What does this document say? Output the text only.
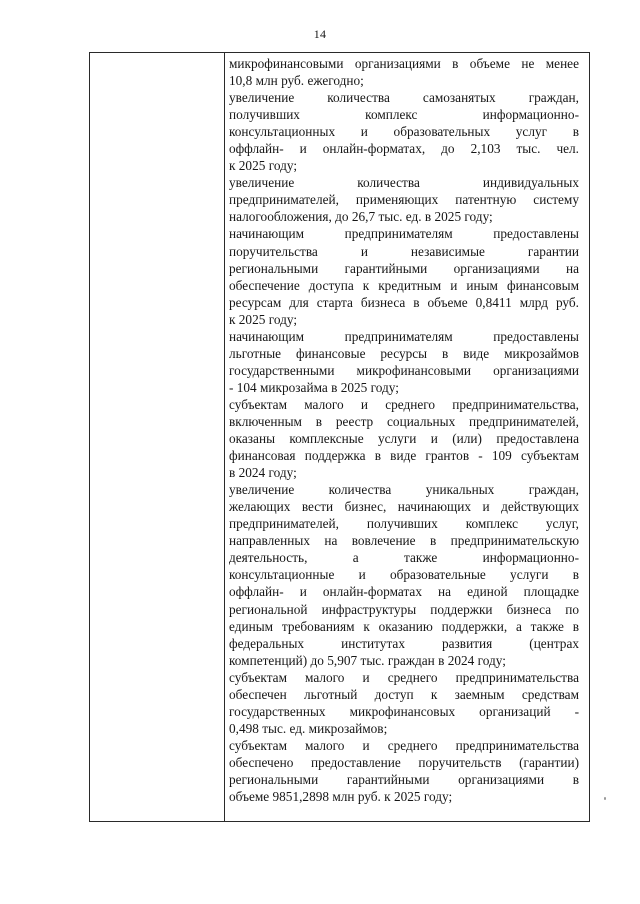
14
микрофинансовыми организациями в объеме не менее
10,8 млн руб. ежегодно;
увеличение количества самозанятых граждан,
получивших комплекс информационно-
консультационных и образовательных услуг в
оффлайн- и онлайн-форматах, до 2,103 тыс. чел.
к 2025 году;
увеличение количества индивидуальных
предпринимателей, применяющих патентную систему
налогообложения, до 26,7 тыс. ед. в 2025 году;
начинающим предпринимателям предоставлены
поручительства и независимые гарантии
региональными гарантийными организациями на
обеспечение доступа к кредитным и иным финансовым
ресурсам для старта бизнеса в объеме 0,8411 млрд руб.
к 2025 году;
начинающим предпринимателям предоставлены
льготные финансовые ресурсы в виде микрозаймов
государственными микрофинансовыми организациями
- 104 микрозайма в 2025 году;
субъектам малого и среднего предпринимательства,
включенным в реестр социальных предпринимателей,
оказаны комплексные услуги и (или) предоставлена
финансовая поддержка в виде грантов - 109 субъектам
в 2024 году;
увеличение количества уникальных граждан,
желающих вести бизнес, начинающих и действующих
предпринимателей, получивших комплекс услуг,
направленных на вовлечение в предпринимательскую
деятельность, а также информационно-
консультационные и образовательные услуги в
оффлайн- и онлайн-форматах на единой площадке
региональной инфраструктуры поддержки бизнеса по
единым требованиям к оказанию поддержки, а также в
федеральных институтах развития (центрах
компетенций) до 5,907 тыс. граждан в 2024 году;
субъектам малого и среднего предпринимательства
обеспечен льготный доступ к заемным средствам
государственных микрофинансовых организаций -
0,498 тыс. ед. микрозаймов;
субъектам малого и среднего предпринимательства
обеспечено предоставление поручительств (гарантии)
региональными гарантийными организациями в
объеме 9851,2898 млн руб. к 2025 году;
